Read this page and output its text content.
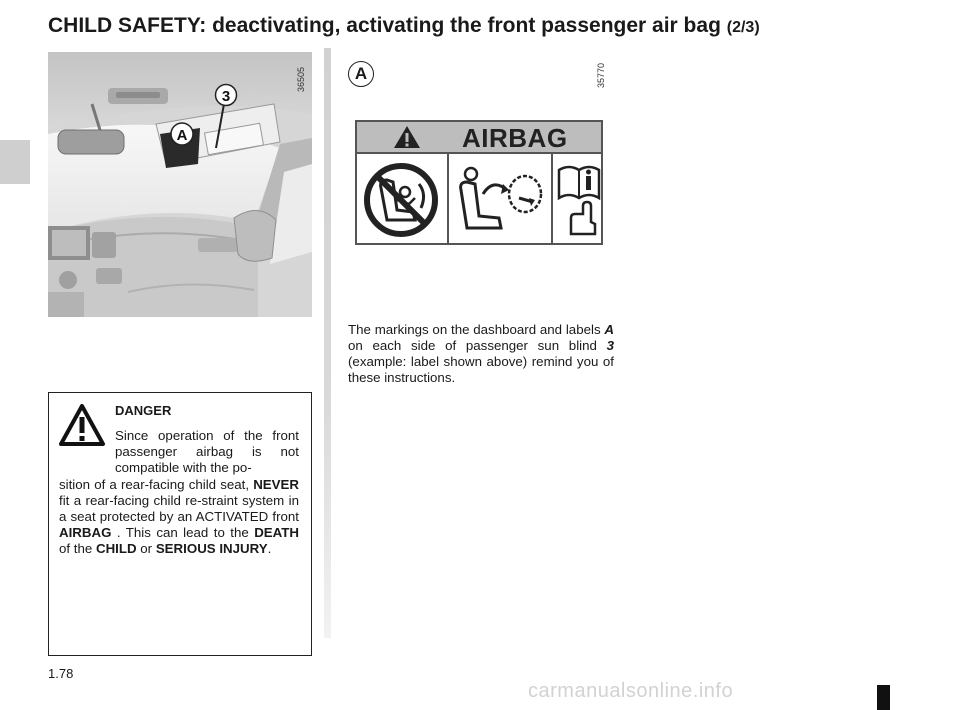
CHILD SAFETY: deactivating, activating the front passenger air bag (2/3)
3
A
36505	A	35770
AIRBAG

The markings on the dashboard and labels A on each side of passenger sun blind 3 (example: label shown above) remind you of these instructions.

DANGER

Since operation of the front passenger airbag is not compatible with the po-

sition of a rear-facing child seat, NEVER fit a rear-facing child re-straint system in a seat protected by an ACTIVATED front AIRBAG . This can lead to the DEATH of the CHILD or SERIOUS INJURY.

1.78
carmanualsonline.info
